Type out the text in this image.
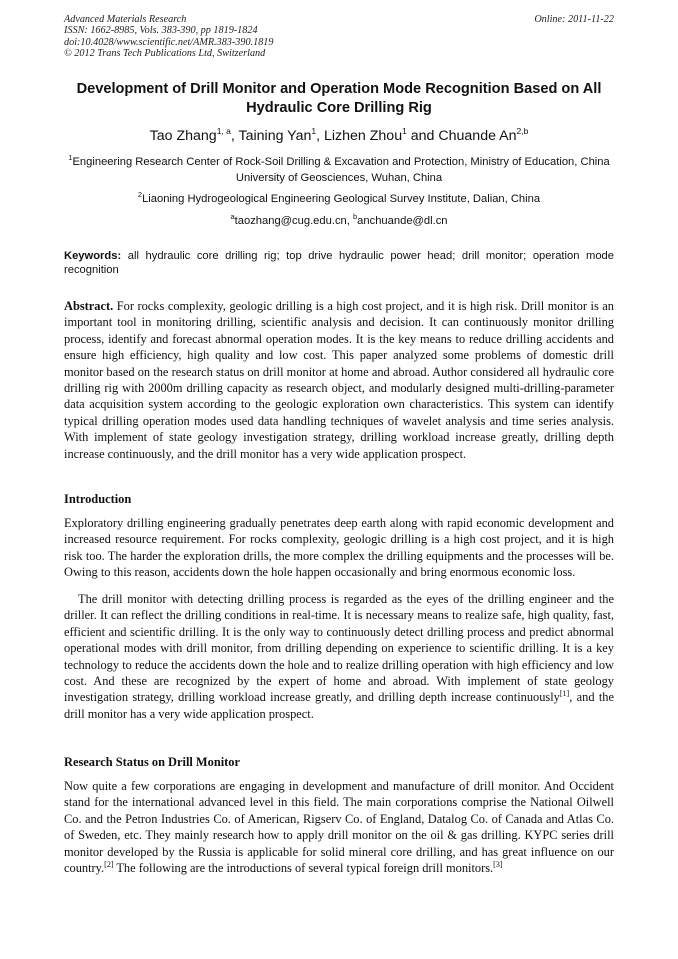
Advanced Materials Research
ISSN: 1662-8985, Vols. 383-390, pp 1819-1824
doi:10.4028/www.scientific.net/AMR.383-390.1819
© 2012 Trans Tech Publications Ltd, Switzerland
Online: 2011-11-22
Development of Drill Monitor and Operation Mode Recognition Based on All Hydraulic Core Drilling Rig
Tao Zhang$^{1, a}$, Taining Yan$^1$, Lizhen Zhou$^1$ and Chuande An$^{2,b}$
$^1$Engineering Research Center of Rock-Soil Drilling & Excavation and Protection, Ministry of Education, China University of Geosciences, Wuhan, China
$^2$Liaoning Hydrogeological Engineering Geological Survey Institute, Dalian, China
$^a$taozhang@cug.edu.cn, $^b$anchuande@dl.cn
Keywords: all hydraulic core drilling rig; top drive hydraulic power head; drill monitor; operation mode recognition
Abstract. For rocks complexity, geologic drilling is a high cost project, and it is high risk. Drill monitor is an important tool in monitoring drilling, scientific analysis and decision. It can continuously monitor drilling process, identify and forecast abnormal operation modes. It is the key means to reduce drilling accidents and ensure high efficiency, high quality and low cost. This paper analyzed some problems of domestic drill monitor based on the research status on drill monitor at home and abroad. Author considered all hydraulic core drilling rig with 2000m drilling capacity as research object, and modularly designed multi-drilling-parameter data acquisition system according to the geologic exploration own characteristics. This system can identify typical drilling operation modes used data handling techniques of wavelet analysis and time series analysis. With implement of state geology investigation strategy, drilling workload increase greatly, drilling depth increase continuously, and the drill monitor has a very wide application prospect.
Introduction

Exploratory drilling engineering gradually penetrates deep earth along with rapid economic development and increased resource requirement. For rocks complexity, geologic drilling is a high cost project, and it is high risk too. The harder the exploration drills, the more complex the drilling equipments and the processes will be. Owing to this reason, accidents down the hole happen occasionally and bring enormous economic loss.

The drill monitor with detecting drilling process is regarded as the eyes of the drilling engineer and the driller. It can reflect the drilling conditions in real-time. It is necessary means to realize safe, high quality, fast, efficient and scientific drilling. It is the only way to continuously detect drilling process and predict abnormal operational modes with drill monitor, from drilling depending on experience to scientific drilling. It is a key technology to reduce the accidents down the hole and to realize drilling operation with high efficiency and low cost. And these are recognized by the expert of home and abroad. With implement of state geology investigation strategy, drilling workload increase greatly, and drilling depth increase continuously[1], and the drill monitor has a very wide application prospect.

Research Status on Drill Monitor

Now quite a few corporations are engaging in development and manufacture of drill monitor. And Occident stand for the international advanced level in this field. The main corporations comprise the National Oilwell Co. and the Petron Industries Co. of American, Rigserv Co. of England, Datalog Co. of Canada and Atlas Co. of Sweden, etc. They mainly research how to apply drill monitor on the oil & gas drilling. KYPC series drill monitor developed by the Russia is applicable for solid mineral core drilling, and has great influence on our country.[2] The following are the introductions of several typical foreign drill monitors.[3]
